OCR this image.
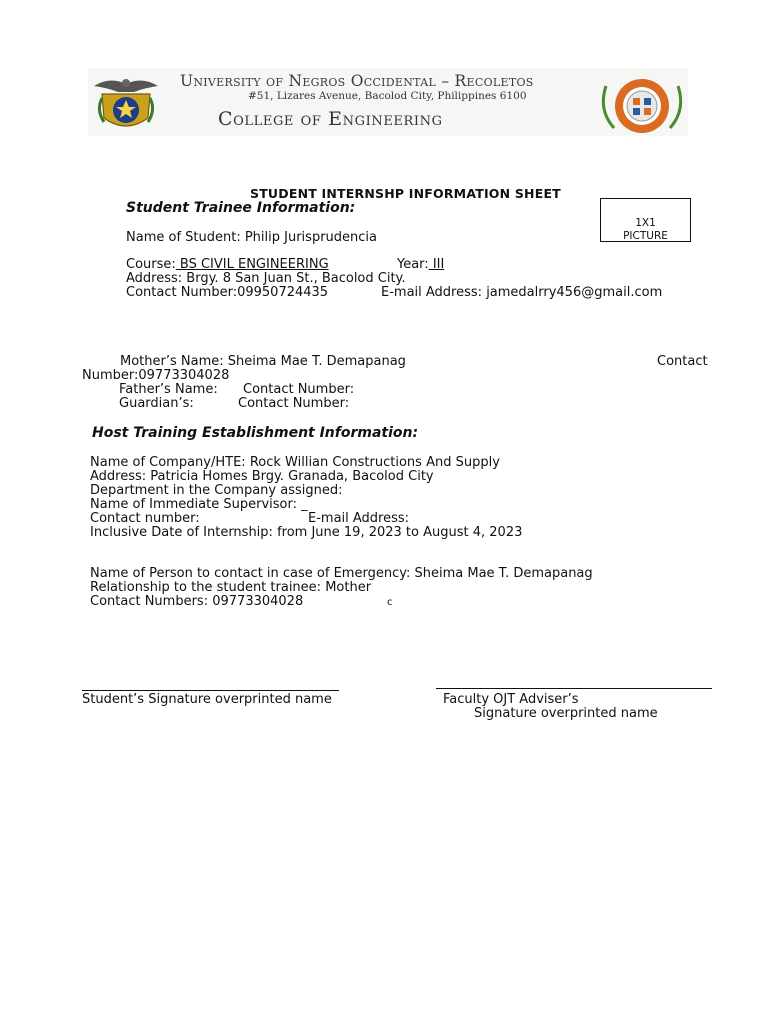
University of Negros Occidental – Recoletos
#51, Lizares Avenue, Bacolod City, Philippines 6100
College of Engineering
STUDENT INTERNSHP INFORMATION SHEET
1X1
PICTURE
Student Trainee Information:
Name of Student: Philip Jurisprudencia
Course: BS CIVIL ENGINEERING	Year: III
Address: Brgy. 8 San Juan St., Bacolod City.
Contact Number:09950724435	E-mail Address: jamedalrry456@gmail.com
Mother’s Name: Sheima Mae T. Demapanag	Contact
Number:09773304028
Father’s Name: Contact Number:
Guardian’s:	Contact Number:
Host Training Establishment Information:
Name of Company/HTE: Rock Willian Constructions And Supply
Address: Patricia Homes Brgy. Granada, Bacolod City
Department in the Company assigned:
Name of Immediate Supervisor: _
Contact number:	E-mail Address:
Inclusive Date of Internship: from June 19, 2023 to August 4, 2023
Name of Person to contact in case of Emergency: Sheima Mae T. Demapanag
Relationship to the student trainee: Mother
Contact Numbers: 09773304028	c
Student’s Signature overprinted name	Faculty OJT Adviser’s
Signature overprinted name
